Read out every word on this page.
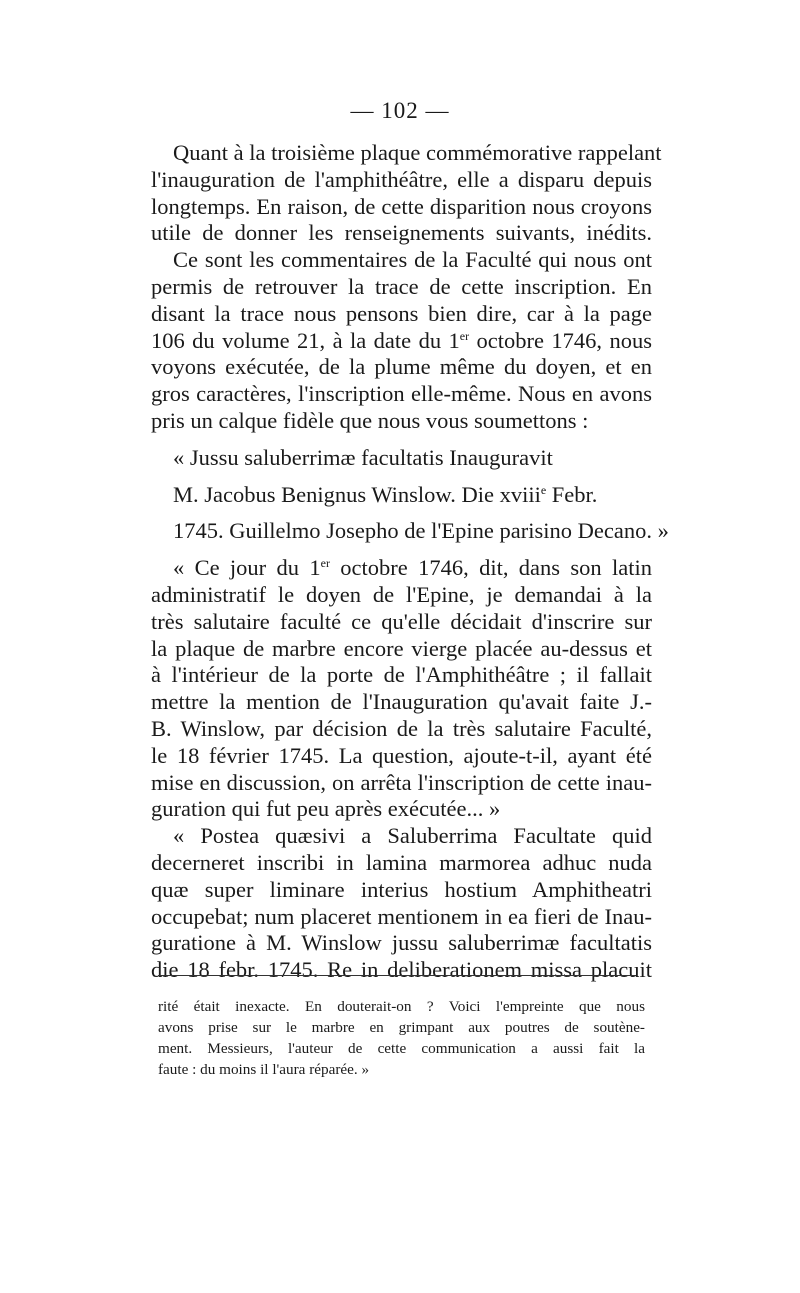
— 102 —
Quant à la troisième plaque commémorative rappelant
l'inauguration de l'amphithéâtre, elle a disparu depuis
longtemps. En raison, de cette disparition nous croyons
utile de donner les renseignements suivants, inédits.
Ce sont les commentaires de la Faculté qui nous ont
permis de retrouver la trace de cette inscription. En
disant la trace nous pensons bien dire, car à la page
106 du volume 21, à la date du 1er octobre 1746, nous
voyons exécutée, de la plume même du doyen, et en
gros caractères, l'inscription elle-même. Nous en avons
pris un calque fidèle que nous vous soumettons :
« Jussu saluberrimæ facultatis Inauguravit
M. Jacobus Benignus Winslow. Die xviii$^e$ Febr.
1745. Guillelmo Josepho de l'Epine parisino Decano. »
« Ce jour du 1er octobre 1746, dit, dans son latin
administratif le doyen de l'Epine, je demandai à la
très salutaire faculté ce qu'elle décidait d'inscrire sur
la plaque de marbre encore vierge placée au-dessus et
à l'intérieur de la porte de l'Amphithéâtre ; il fallait
mettre la mention de l'Inauguration qu'avait faite J.-
B. Winslow, par décision de la très salutaire Faculté,
le 18 février 1745. La question, ajoute-t-il, ayant été
mise en discussion, on arrêta l'inscription de cette inau-
guration qui fut peu après exécutée... »
« Postea quæsivi a Saluberrima Facultate quid
decerneret inscribi in lamina marmorea adhuc nuda
quæ super liminare interius hostium Amphitheatri
occupebat; num placeret mentionem in ea fieri de Inau-
guratione à M. Winslow jussu saluberrimæ facultatis
die 18 febr. 1745. Re in deliberationem missa placuit
rité était inexacte. En douterait-on ? Voici l'empreinte que nous
avons prise sur le marbre en grimpant aux poutres de soutène-
ment. Messieurs, l'auteur de cette communication a aussi fait la
faute : du moins il l'aura réparée. »
